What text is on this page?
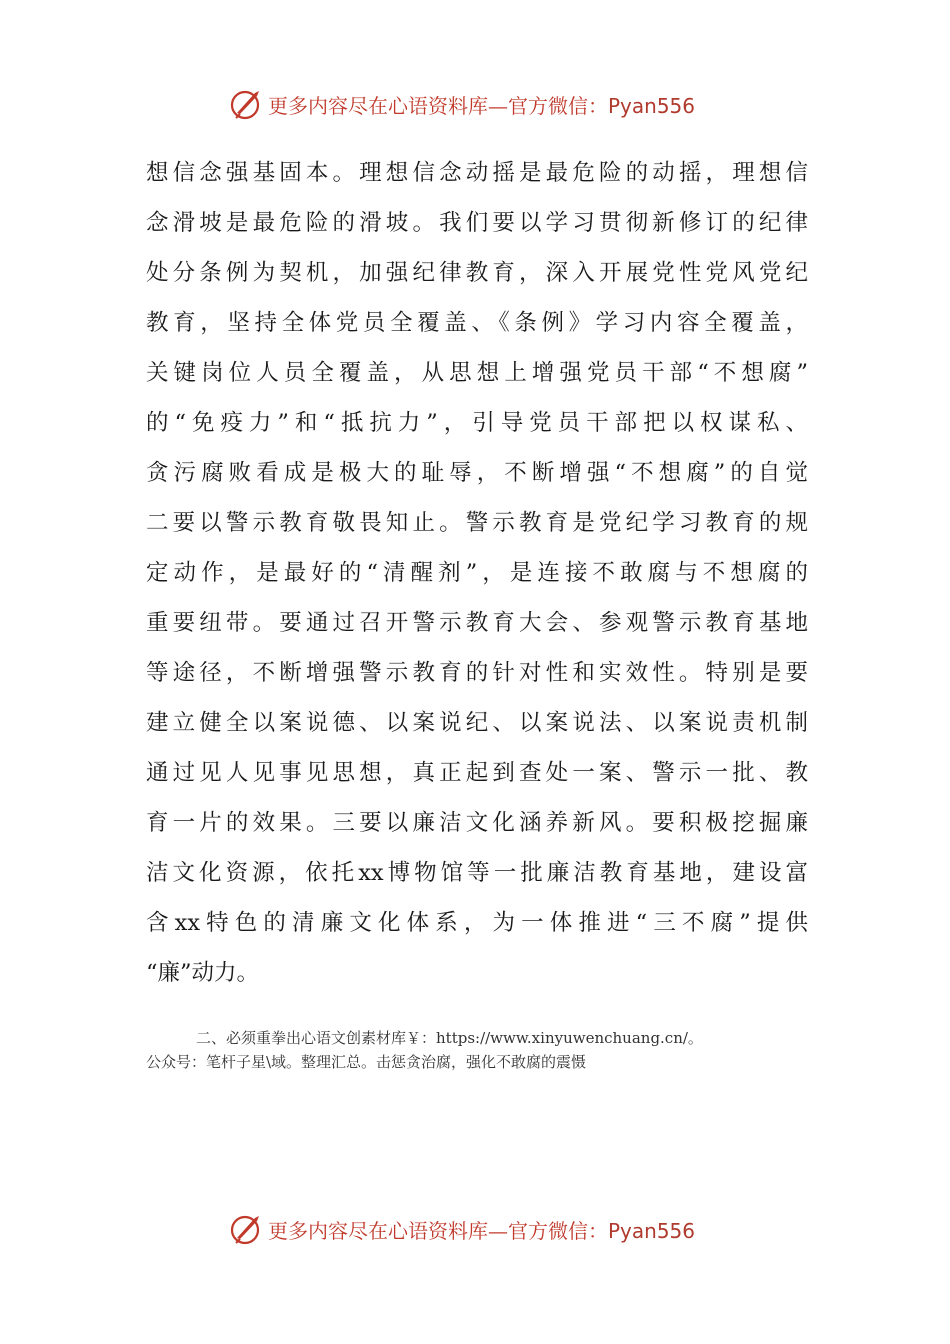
更多内容尽在心语资料库—官方微信：Pyan556
想信念强基固本。理想信念动摇是最危险的动摇，理想信
念滑坡是最危险的滑坡。我们要以学习贯彻新修订的纪律
处分条例为契机，加强纪律教育，深入开展党性党风党纪
教育，坚持全体党员全覆盖、《条例》学习内容全覆盖，
关键岗位人员全覆盖，从思想上增强党员干部“不想腐”
的“免疫力”和“抵抗力”，引导党员干部把以权谋私、
贪污腐败看成是极大的耻辱，不断增强“不想腐”的自觉
二要以警示教育敬畏知止。警示教育是党纪学习教育的规
定动作，是最好的“清醒剂”，是连接不敢腐与不想腐的
重要纽带。要通过召开警示教育大会、参观警示教育基地
等途径，不断增强警示教育的针对性和实效性。特别是要
建立健全以案说德、以案说纪、以案说法、以案说责机制
通过见人见事见思想，真正起到查处一案、警示一批、教
育一片的效果。三要以廉洁文化涵养新风。要积极挖掘廉
洁文化资源，依托xx博物馆等一批廉洁教育基地，建设富
含xx特色的清廉文化体系，为一体推进“三不腐”提供
“廉”动力。
二、必须重拳出心语文创素材库￥：https://www.xinyuwenchuang.cn/。
公众号：笔杆子星\域。整理汇总。击惩贪治腐，强化不敢腐的震慑
更多内容尽在心语资料库—官方微信：Pyan556
